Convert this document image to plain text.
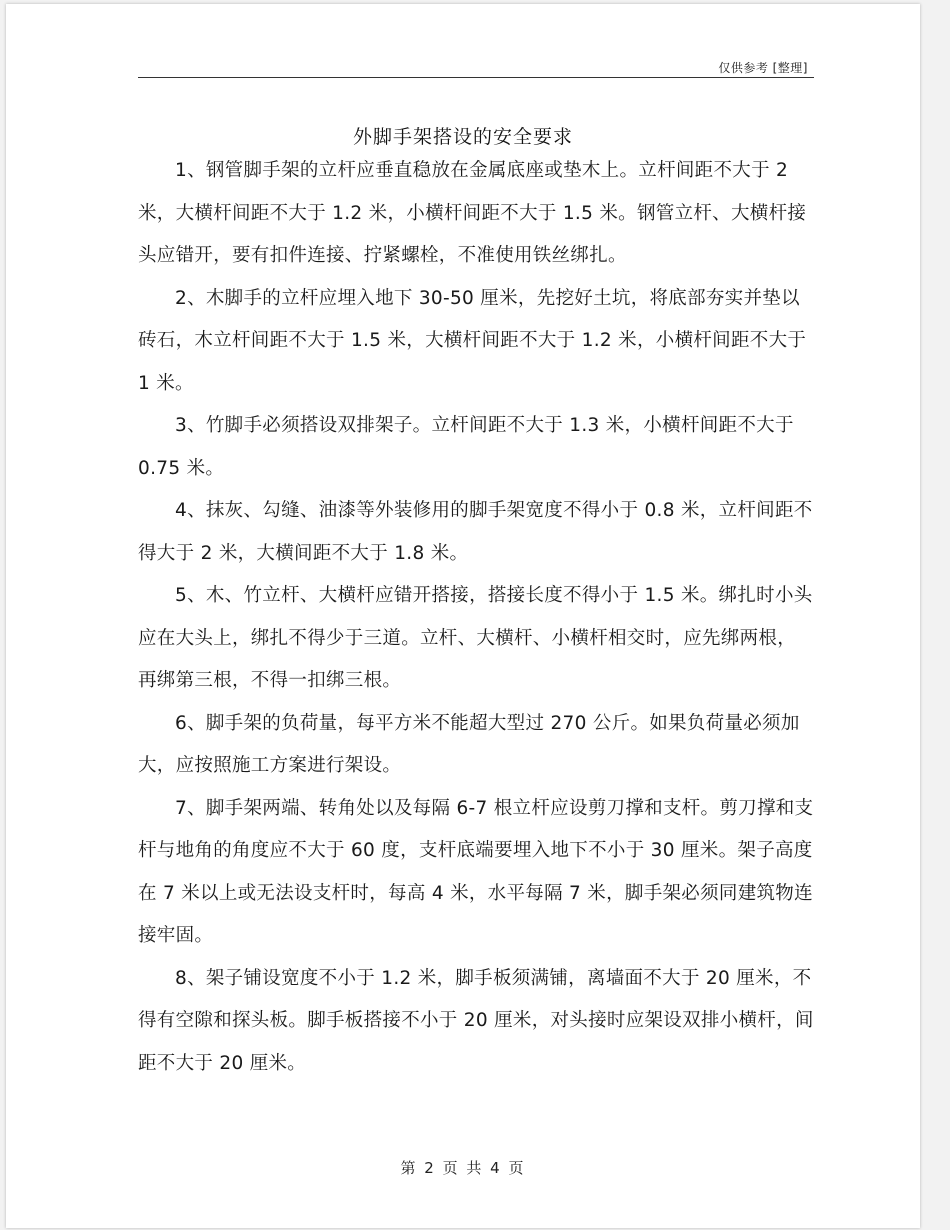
仅供参考 [整理]
外脚手架搭设的安全要求

1、钢管脚手架的立杆应垂直稳放在金属底座或垫木上。立杆间距不大于 2 米，大横杆间距不大于 1.2 米，小横杆间距不大于 1.5 米。钢管立杆、大横杆接头应错开，要有扣件连接、拧紧螺栓，不准使用铁丝绑扎。

2、木脚手的立杆应埋入地下 30-50 厘米，先挖好土坑，将底部夯实并垫以砖石，木立杆间距不大于 1.5 米，大横杆间距不大于 1.2 米，小横杆间距不大于 1 米。

3、竹脚手必须搭设双排架子。立杆间距不大于 1.3 米，小横杆间距不大于 0.75 米。

4、抹灰、勾缝、油漆等外装修用的脚手架宽度不得小于 0.8 米，立杆间距不得大于 2 米，大横间距不大于 1.8 米。

5、木、竹立杆、大横杆应错开搭接，搭接长度不得小于 1.5 米。绑扎时小头应在大头上，绑扎不得少于三道。立杆、大横杆、小横杆相交时，应先绑两根，再绑第三根，不得一扣绑三根。

6、脚手架的负荷量，每平方米不能超大型过 270 公斤。如果负荷量必须加大，应按照施工方案进行架设。

7、脚手架两端、转角处以及每隔 6-7 根立杆应设剪刀撑和支杆。剪刀撑和支杆与地角的角度应不大于 60 度，支杆底端要埋入地下不小于 30 厘米。架子高度在 7 米以上或无法设支杆时，每高 4 米，水平每隔 7 米，脚手架必须同建筑物连接牢固。

8、架子铺设宽度不小于 1.2 米，脚手板须满铺，离墙面不大于 20 厘米，不得有空隙和探头板。脚手板搭接不小于 20 厘米，对头接时应架设双排小横杆，间距不大于 20 厘米。

第 2 页 共 4 页
